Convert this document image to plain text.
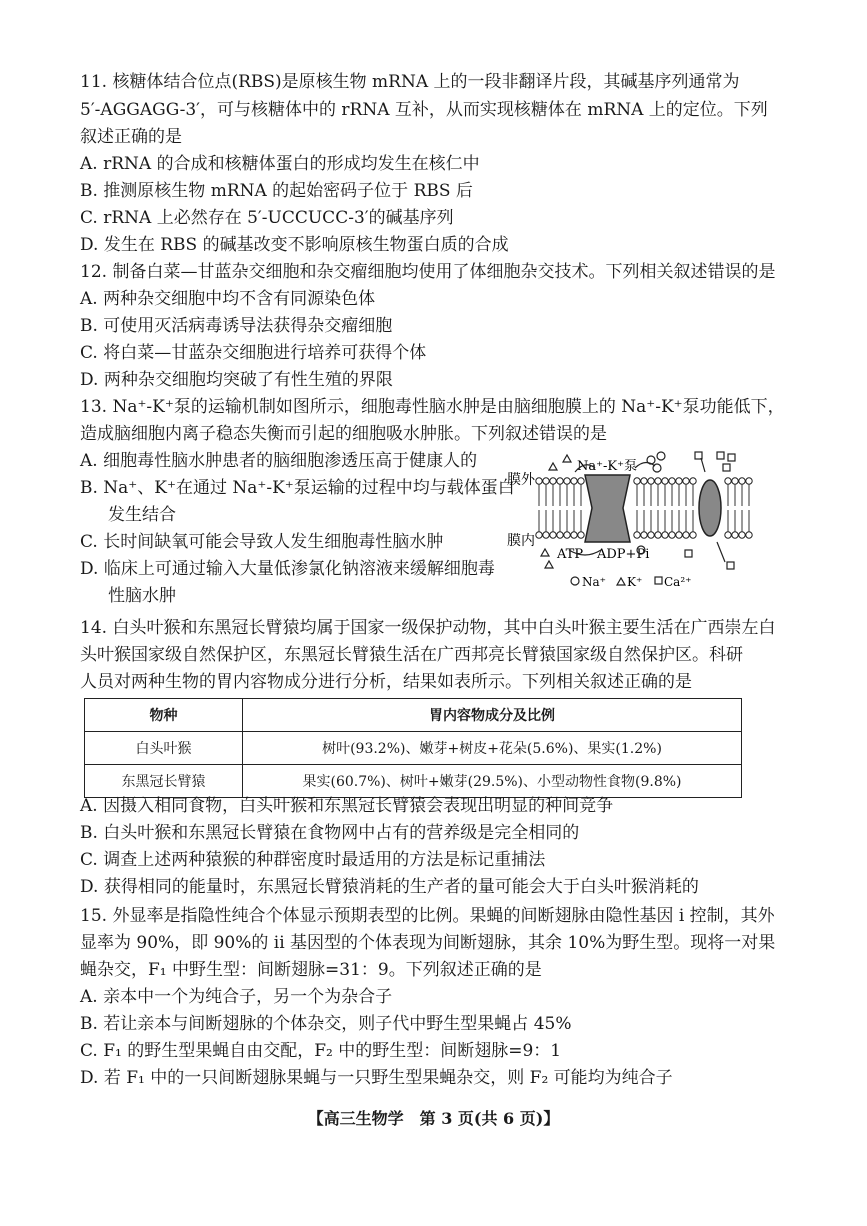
11. 核糖体结合位点(RBS)是原核生物 mRNA 上的一段非翻译片段，其碱基序列通常为
5′-AGGAGG-3′，可与核糖体中的 rRNA 互补，从而实现核糖体在 mRNA 上的定位。下列
叙述正确的是
A. rRNA 的合成和核糖体蛋白的形成均发生在核仁中
B. 推测原核生物 mRNA 的起始密码子位于 RBS 后
C. rRNA 上必然存在 5′-UCCUCC-3′的碱基序列
D. 发生在 RBS 的碱基改变不影响原核生物蛋白质的合成
12. 制备白菜—甘蓝杂交细胞和杂交瘤细胞均使用了体细胞杂交技术。下列相关叙述错误的是
A. 两种杂交细胞中均不含有同源染色体
B. 可使用灭活病毒诱导法获得杂交瘤细胞
C. 将白菜—甘蓝杂交细胞进行培养可获得个体
D. 两种杂交细胞均突破了有性生殖的界限
13. Na⁺-K⁺泵的运输机制如图所示，细胞毒性脑水肿是由脑细胞膜上的 Na⁺-K⁺泵功能低下，
造成脑细胞内离子稳态失衡而引起的细胞吸水肿胀。下列叙述错误的是
A. 细胞毒性脑水肿患者的脑细胞渗透压高于健康人的
B. Na⁺、K⁺在通过 Na⁺-K⁺泵运输的过程中均与载体蛋白
发生结合
C. 长时间缺氧可能会导致人发生细胞毒性脑水肿
D. 临床上可通过输入大量低渗氯化钠溶液来缓解细胞毒
性脑水肿
膜外
膜内
Na⁺-K⁺泵
ATP ADP+Pi
Na⁺ K⁺ Ca²⁺
14. 白头叶猴和东黑冠长臂猿均属于国家一级保护动物，其中白头叶猴主要生活在广西崇左白
头叶猴国家级自然保护区，东黑冠长臂猿生活在广西邦亮长臂猿国家级自然保护区。科研
人员对两种生物的胃内容物成分进行分析，结果如表所示。下列相关叙述正确的是
物种	胃内容物成分及比例
白头叶猴	树叶(93.2%)、嫩芽+树皮+花朵(5.6%)、果实(1.2%)
东黑冠长臂猿	果实(60.7%)、树叶+嫩芽(29.5%)、小型动物性食物(9.8%)
A. 因摄入相同食物，白头叶猴和东黑冠长臂猿会表现出明显的种间竞争
B. 白头叶猴和东黑冠长臂猿在食物网中占有的营养级是完全相同的
C. 调查上述两种猿猴的种群密度时最适用的方法是标记重捕法
D. 获得相同的能量时，东黑冠长臂猿消耗的生产者的量可能会大于白头叶猴消耗的
15. 外显率是指隐性纯合个体显示预期表型的比例。果蝇的间断翅脉由隐性基因 i 控制，其外
显率为 90%，即 90%的 ii 基因型的个体表现为间断翅脉，其余 10%为野生型。现将一对果
蝇杂交，F₁ 中野生型：间断翅脉=31：9。下列叙述正确的是
A. 亲本中一个为纯合子，另一个为杂合子
B. 若让亲本与间断翅脉的个体杂交，则子代中野生型果蝇占 45%
C. F₁ 的野生型果蝇自由交配，F₂ 中的野生型：间断翅脉=9：1
D. 若 F₁ 中的一只间断翅脉果蝇与一只野生型果蝇杂交，则 F₂ 可能均为纯合子
【高三生物学　第 3 页(共 6 页)】
